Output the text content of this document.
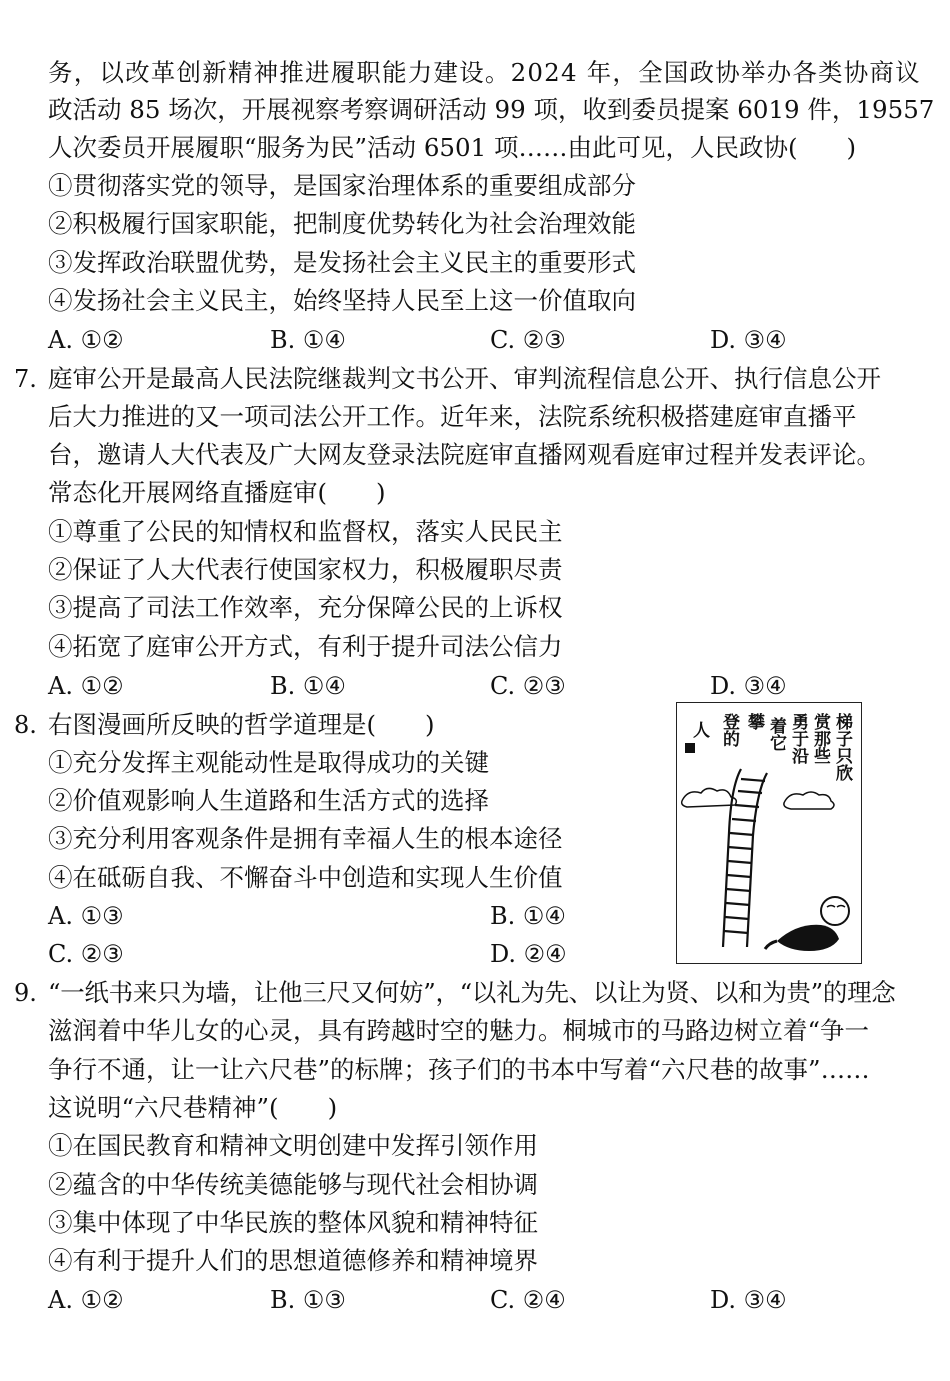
务，以改革创新精神推进履职能力建设。2024 年，全国政协举办各类协商议
政活动 85 场次，开展视察考察调研活动 99 项，收到委员提案 6019 件，19557
人次委员开展履职“服务为民”活动 6501 项……由此可见，人民政协(　　)
①贯彻落实党的领导，是国家治理体系的重要组成部分
②积极履行国家职能，把制度优势转化为社会治理效能
③发挥政治联盟优势，是发扬社会主义民主的重要形式
④发扬社会主义民主，始终坚持人民至上这一价值取向
A. ①②	B. ①④	C. ②③	D. ③④
7. 庭审公开是最高人民法院继裁判文书公开、审判流程信息公开、执行信息公开
后大力推进的又一项司法公开工作。近年来，法院系统积极搭建庭审直播平
台，邀请人大代表及广大网友登录法院庭审直播网观看庭审过程并发表评论。
常态化开展网络直播庭审(　　)
①尊重了公民的知情权和监督权，落实人民民主
②保证了人大代表行使国家权力，积极履职尽责
③提高了司法工作效率，充分保障公民的上诉权
④拓宽了庭审公开方式，有利于提升司法公信力
A. ①②	B. ①④	C. ②③	D. ③④
8. 右图漫画所反映的哲学道理是(　　)
①充分发挥主观能动性是取得成功的关键
②价值观影响人生道路和生活方式的选择
③充分利用客观条件是拥有幸福人生的根本途径
④在砥砺自我、不懈奋斗中创造和实现人生价值
A. ①③	B. ①④
C. ②③	D. ②④
梯子只欣
赏那些
勇于沿
着它
攀
登的
人
9. “一纸书来只为墙，让他三尺又何妨”，“以礼为先、以让为贤、以和为贵”的理念
滋润着中华儿女的心灵，具有跨越时空的魅力。桐城市的马路边树立着“争一
争行不通，让一让六尺巷”的标牌；孩子们的书本中写着“六尺巷的故事”……
这说明“六尺巷精神”(　　)
①在国民教育和精神文明创建中发挥引领作用
②蕴含的中华传统美德能够与现代社会相协调
③集中体现了中华民族的整体风貌和精神特征
④有利于提升人们的思想道德修养和精神境界
A. ①②	B. ①③	C. ②④	D. ③④
